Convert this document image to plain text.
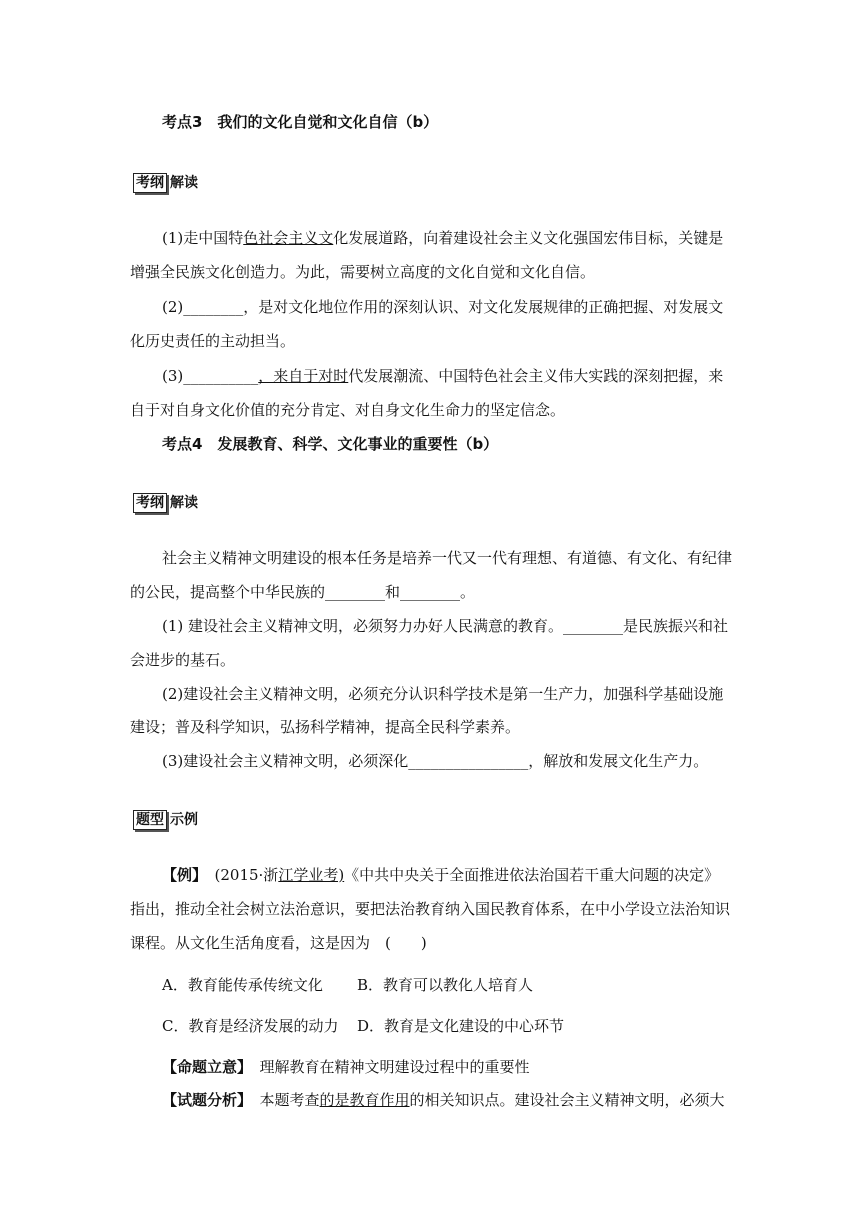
考点3　我们的文化自觉和文化自信（b）
考纲 解读
(1)走中国特色社会主义文化发展道路，向着建设社会主义文化强国宏伟目标，关键是
增强全民族文化创造力。为此，需要树立高度的文化自觉和文化自信。
(2)________，是对文化地位作用的深刻认识、对文化发展规律的正确把握、对发展文
化历史责任的主动担当。
(3)__________，来自于对时代发展潮流、中国特色社会主义伟大实践的深刻把握，来
自于对自身文化价值的充分肯定、对自身文化生命力的坚定信念。
考点4　发展教育、科学、文化事业的重要性（b）
考纲 解读
社会主义精神文明建设的根本任务是培养一代又一代有理想、有道德、有文化、有纪律
的公民，提高整个中华民族的________和________。
(1) 建设社会主义精神文明，必须努力办好人民满意的教育。________是民族振兴和社
会进步的基石。
(2)建设社会主义精神文明，必须充分认识科学技术是第一生产力，加强科学基础设施
建设；普及科学知识，弘扬科学精神，提高全民科学素养。
(3)建设社会主义精神文明，必须深化________________，解放和发展文化生产力。
题型 示例
【例】　(2015·浙江学业考)《中共中央关于全面推进依法治国若干重大问题的决定》
指出，推动全社会树立法治意识，要把法治教育纳入国民教育体系，在中小学设立法治知识
课程。从文化生活角度看，这是因为　(　　)
A．教育能传承传统文化 B．教育可以教化人培育人
C．教育是经济发展的动力 D．教育是文化建设的中心环节
【命题立意】　理解教育在精神文明建设过程中的重要性
【试题分析】　本题考查的是教育作用的相关知识点。建设社会主义精神文明，必须大
